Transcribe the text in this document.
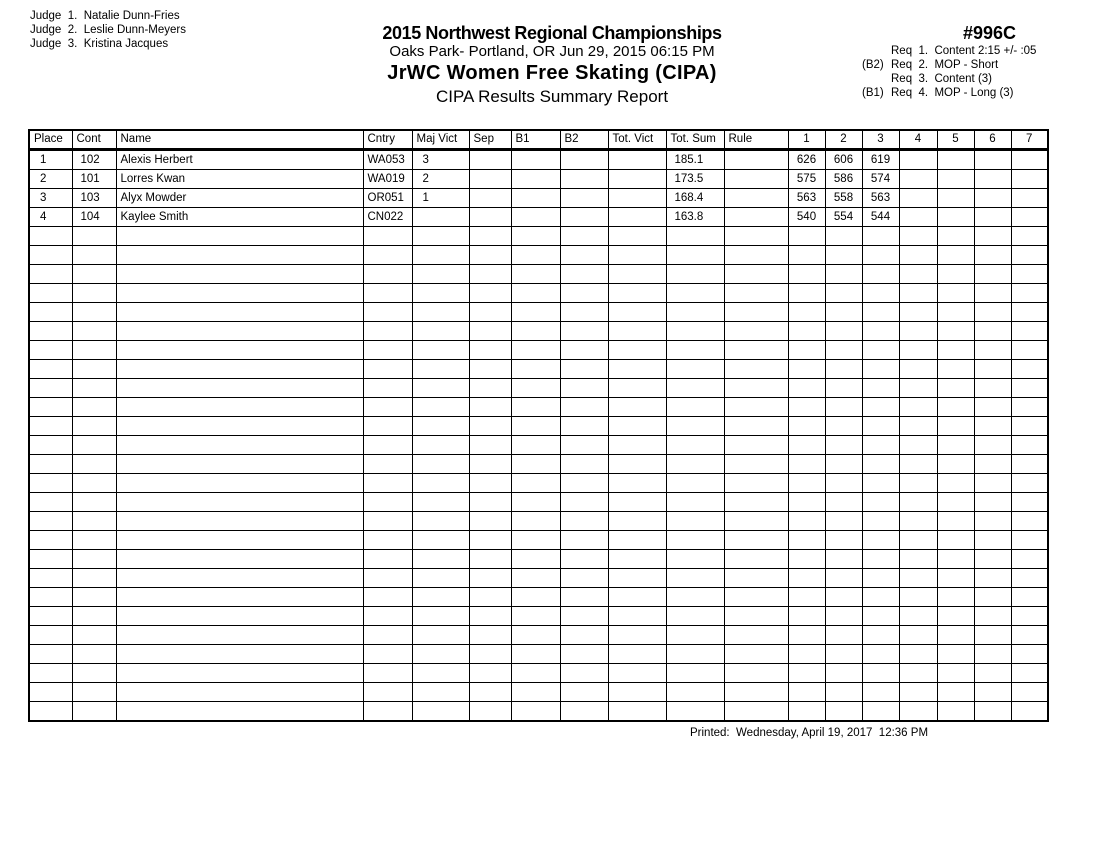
Judge  1. Natalie Dunn-Fries
Judge  2. Leslie Dunn-Meyers
Judge  3. Kristina Jacques
2015 Northwest Regional Championships
Oaks Park- Portland, OR Jun 29, 2015 06:15 PM
JrWC Women Free Skating (CIPA)
CIPA Results Summary Report
#996C
Req  1.  Content 2:15 +/- :05
(B2) Req  2.  MOP - Short
Req  3.  Content (3)
(B1) Req  4.  MOP - Long (3)
Place	Cont	Name	Cntry	Maj Vict	Sep	B1	B2	Tot. Vict	Tot. Sum	Rule	1	2	3	4	5	6	7
1	102	Alexis Herbert	WA053	3					185.1		626	606	619				
2	101	Lorres Kwan	WA019	2					173.5		575	586	574				
3	103	Alyx Mowder	OR051	1					168.4		563	558	563				
4	104	Kaylee Smith	CN022						163.8		540	554	544				

Printed:  Wednesday, April 19, 2017  12:36 PM
